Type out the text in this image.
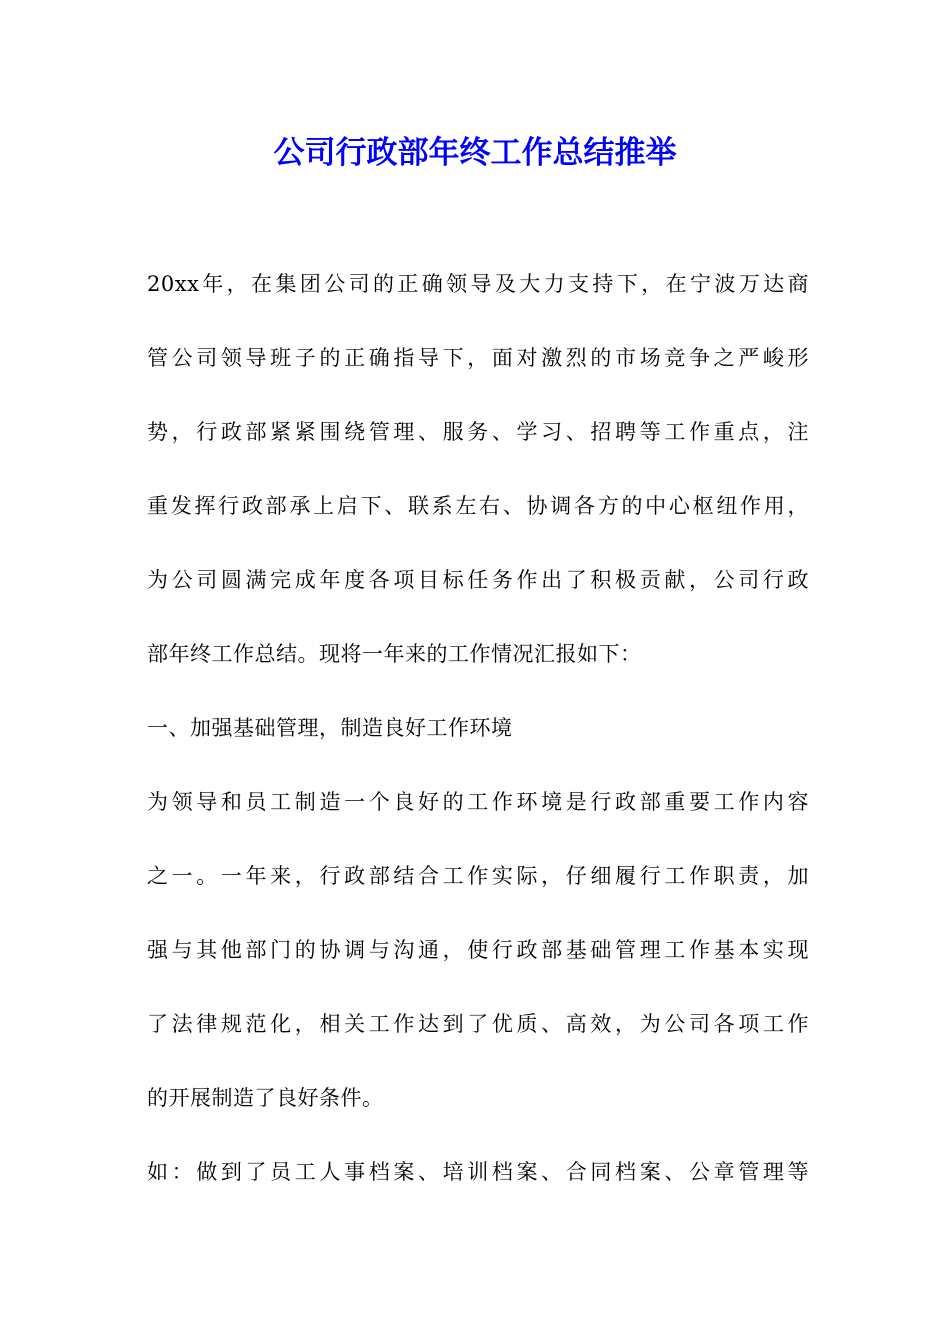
公司行政部年终工作总结推举
20xx年，在集团公司的正确领导及大力支持下，在宁波万达商
管公司领导班子的正确指导下，面对激烈的市场竞争之严峻形
势，行政部紧紧围绕管理、服务、学习、招聘等工作重点，注
重发挥行政部承上启下、联系左右、协调各方的中心枢纽作用，
为公司圆满完成年度各项目标任务作出了积极贡献，公司行政
部年终工作总结。现将一年来的工作情况汇报如下：
一、加强基础管理，制造良好工作环境
为领导和员工制造一个良好的工作环境是行政部重要工作内容
之一。一年来，行政部结合工作实际，仔细履行工作职责，加
强与其他部门的协调与沟通，使行政部基础管理工作基本实现
了法律规范化，相关工作达到了优质、高效，为公司各项工作
的开展制造了良好条件。
如：做到了员工人事档案、培训档案、合同档案、公章管理等
